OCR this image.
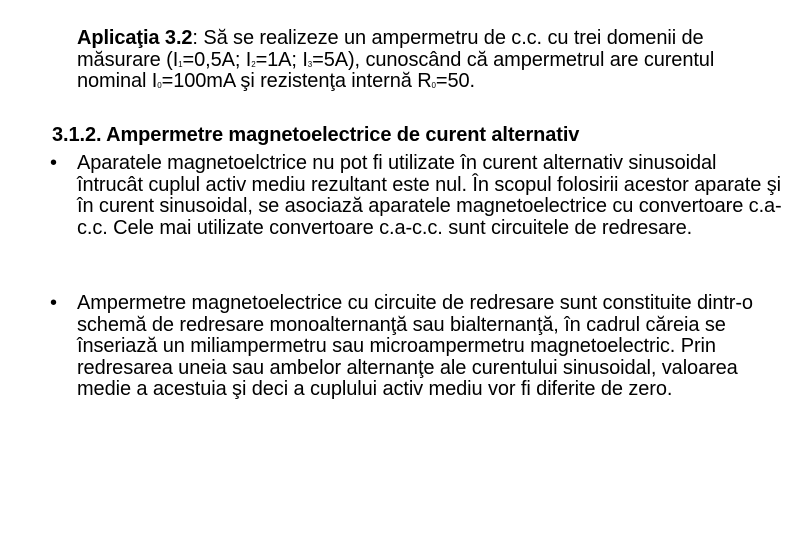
Aplicaţia 3.2: Să se realizeze un ampermetru de c.c. cu trei domenii de măsurare ($I_1=0,5A$; $I_2=1A$; $I_3=5A$), cunoscând că ampermetrul are curentul nominal $I_0=100mA$ şi rezistenţa internă $R_0=50$.

3.1.2. Ampermetre magnetoelectrice de curent alternativ

• Aparatele magnetoelctrice nu pot fi utilizate în curent alternativ sinusoidal întrucât cuplul activ mediu rezultant este nul. În scopul folosirii acestor aparate şi în curent sinusoidal, se asociază aparatele magnetoelectrice cu convertoare c.a-c.c. Cele mai utilizate convertoare c.a-c.c. sunt circuitele de redresare.
• Ampermetre magnetoelectrice cu circuite de redresare sunt constituite dintr-o schemă de redresare monoalternanţă sau bialternanţă, în cadrul căreia se înseriază un miliampermetru sau microampermetru magnetoelectric. Prin redresarea uneia sau ambelor alternanţe ale curentului sinusoidal, valoarea medie a acestuia şi deci a cuplului activ mediu vor fi diferite de zero.
